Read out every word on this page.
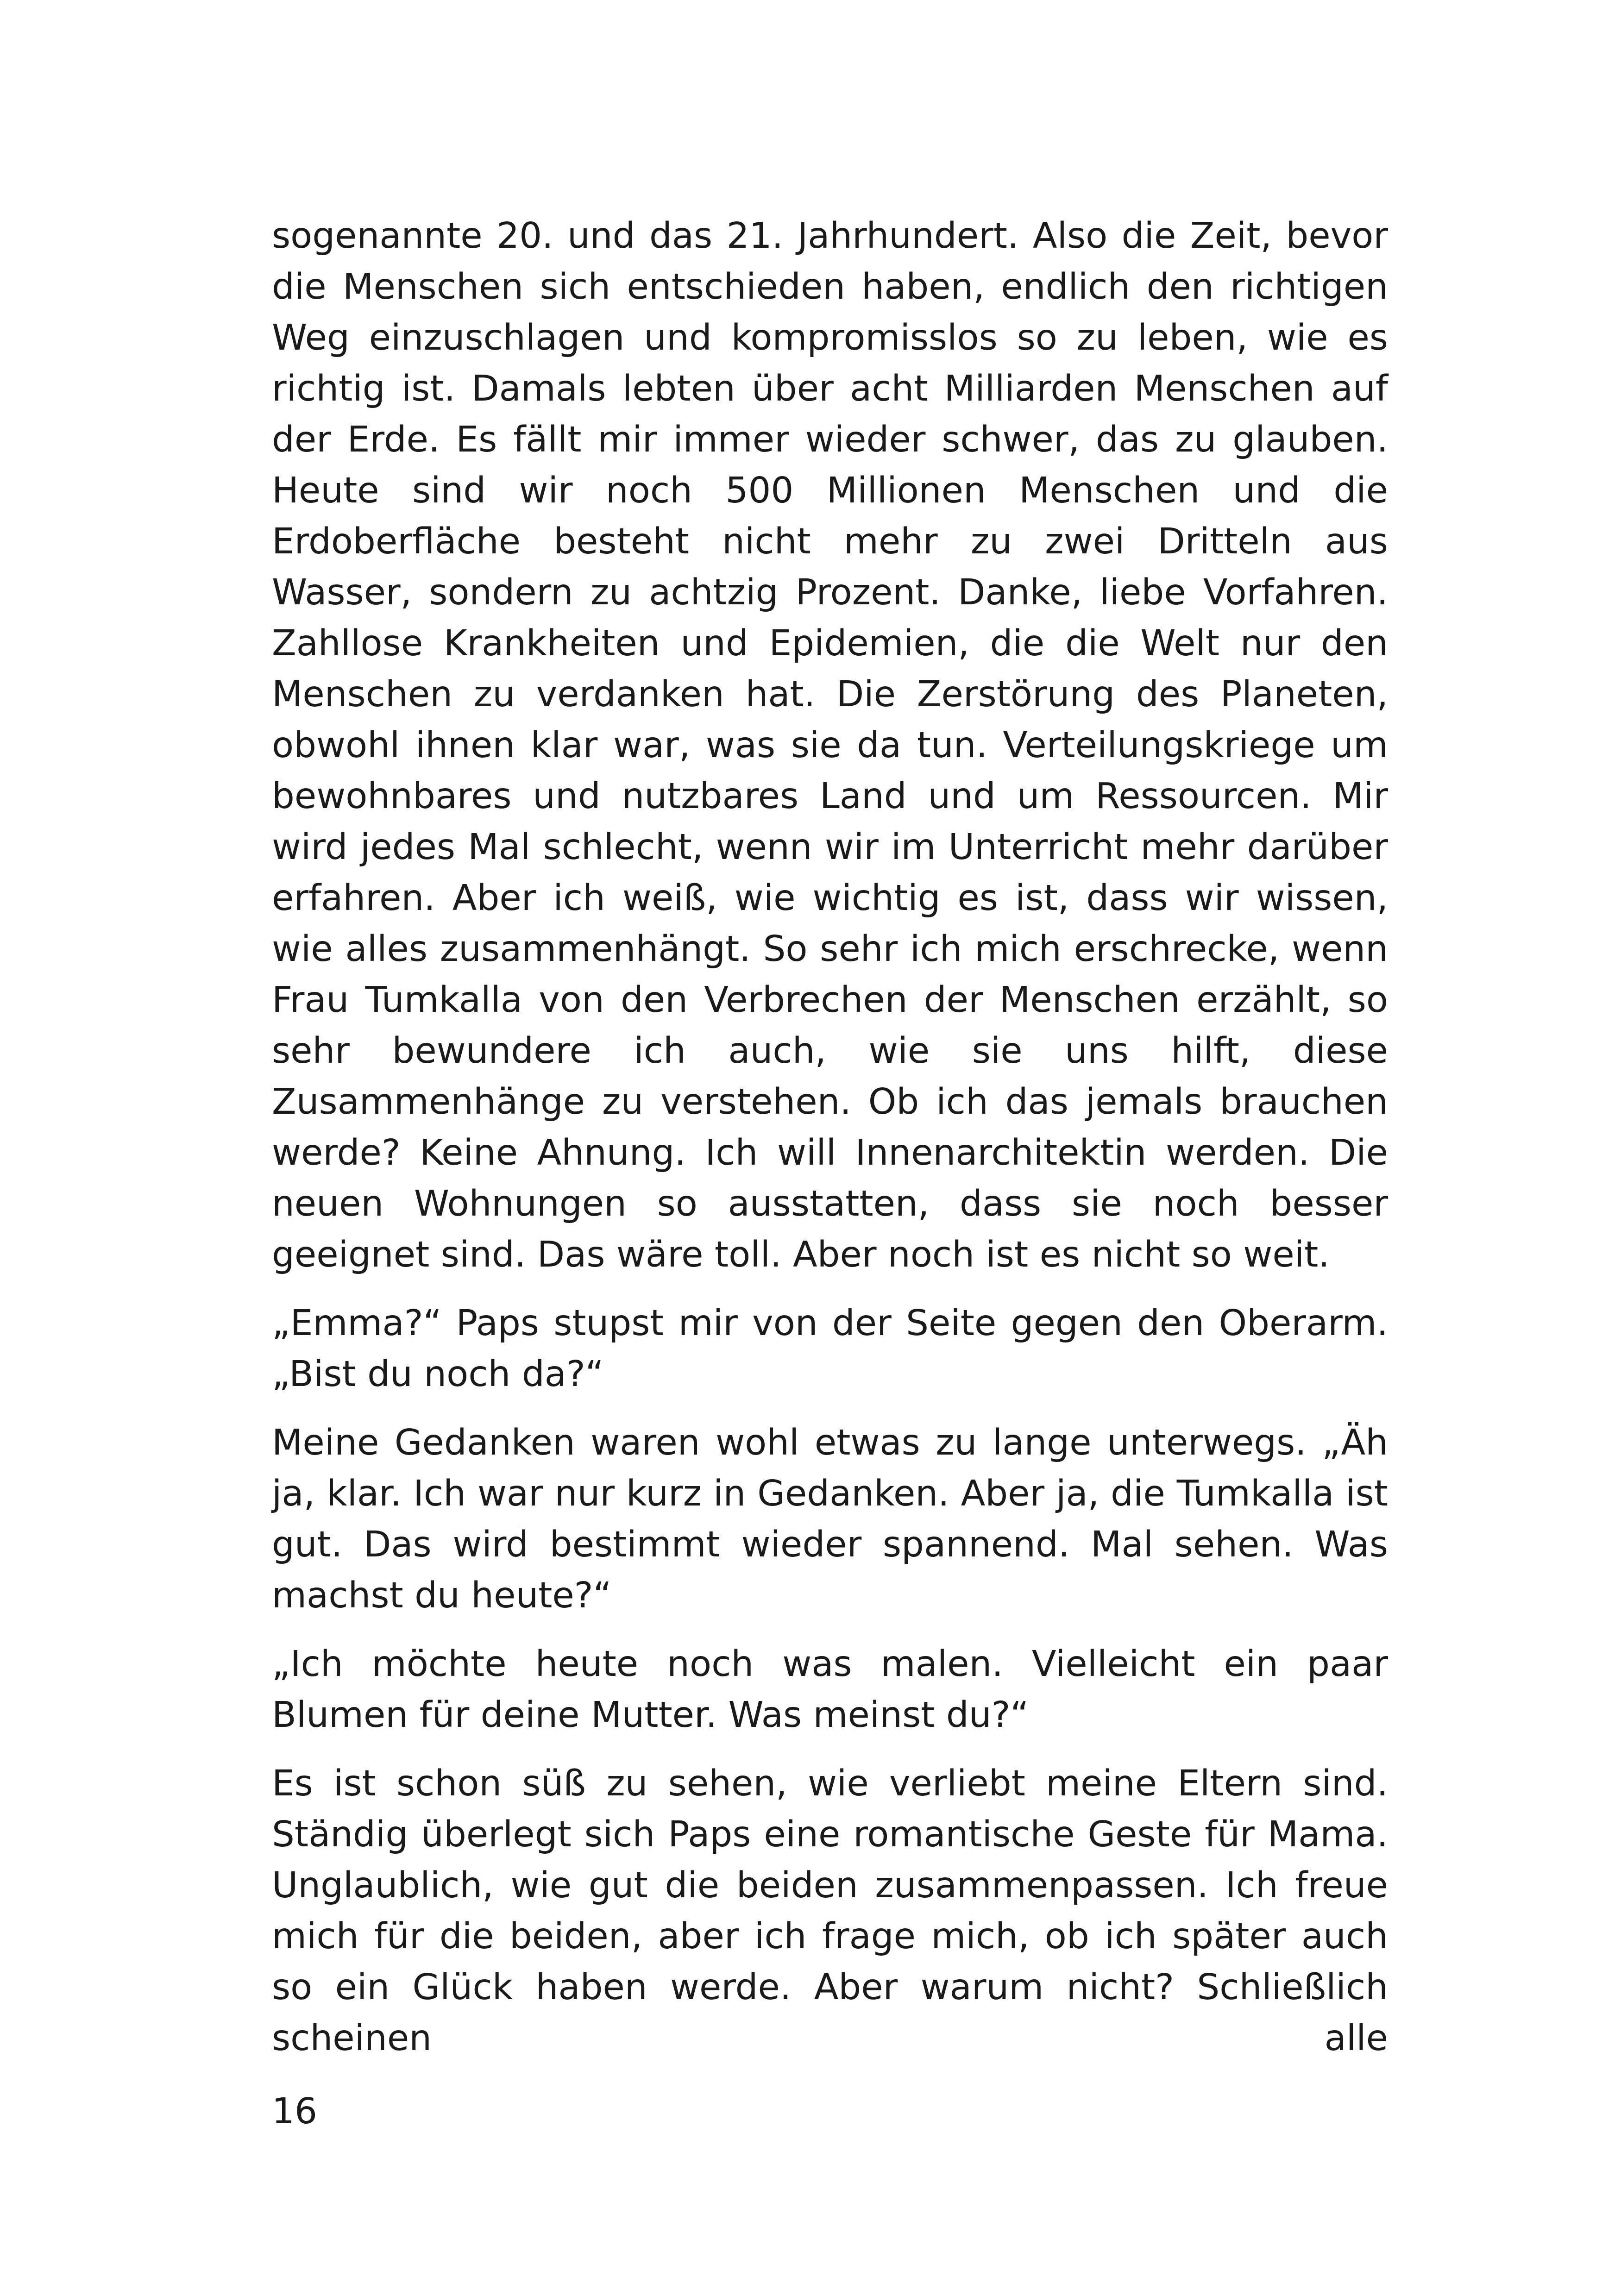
sogenannte 20. und das 21. Jahrhundert. Also die Zeit, bevor die Menschen sich entschieden haben, endlich den richtigen Weg einzuschlagen und kompromisslos so zu leben, wie es richtig ist. Damals lebten über acht Milliarden Menschen auf der Erde. Es fällt mir immer wieder schwer, das zu glauben. Heute sind wir noch 500 Millionen Menschen und die Erdoberfläche besteht nicht mehr zu zwei Dritteln aus Wasser, sondern zu achtzig Prozent. Danke, liebe Vorfahren. Zahllose Krankheiten und Epidemien, die die Welt nur den Menschen zu verdanken hat. Die Zerstörung des Planeten, obwohl ihnen klar war, was sie da tun. Verteilungskriege um bewohnbares und nutzbares Land und um Ressourcen. Mir wird jedes Mal schlecht, wenn wir im Unterricht mehr darüber erfahren. Aber ich weiß, wie wichtig es ist, dass wir wissen, wie alles zusammenhängt. So sehr ich mich erschrecke, wenn Frau Tumkalla von den Verbrechen der Menschen erzählt, so sehr bewundere ich auch, wie sie uns hilft, diese Zusammenhänge zu verstehen. Ob ich das jemals brauchen werde? Keine Ahnung. Ich will Innenarchitektin werden. Die neuen Wohnungen so ausstatten, dass sie noch besser geeignet sind. Das wäre toll. Aber noch ist es nicht so weit.

„Emma?“ Paps stupst mir von der Seite gegen den Oberarm. „Bist du noch da?“

Meine Gedanken waren wohl etwas zu lange unterwegs. „Äh ja, klar. Ich war nur kurz in Gedanken. Aber ja, die Tumkalla ist gut. Das wird bestimmt wieder spannend. Mal sehen. Was machst du heute?“

„Ich möchte heute noch was malen. Vielleicht ein paar Blumen für deine Mutter. Was meinst du?“

Es ist schon süß zu sehen, wie verliebt meine Eltern sind. Ständig überlegt sich Paps eine romantische Geste für Mama. Unglaublich, wie gut die beiden zusammenpassen. Ich freue mich für die beiden, aber ich frage mich, ob ich später auch so ein Glück haben werde. Aber warum nicht? Schließlich scheinen alle

16
